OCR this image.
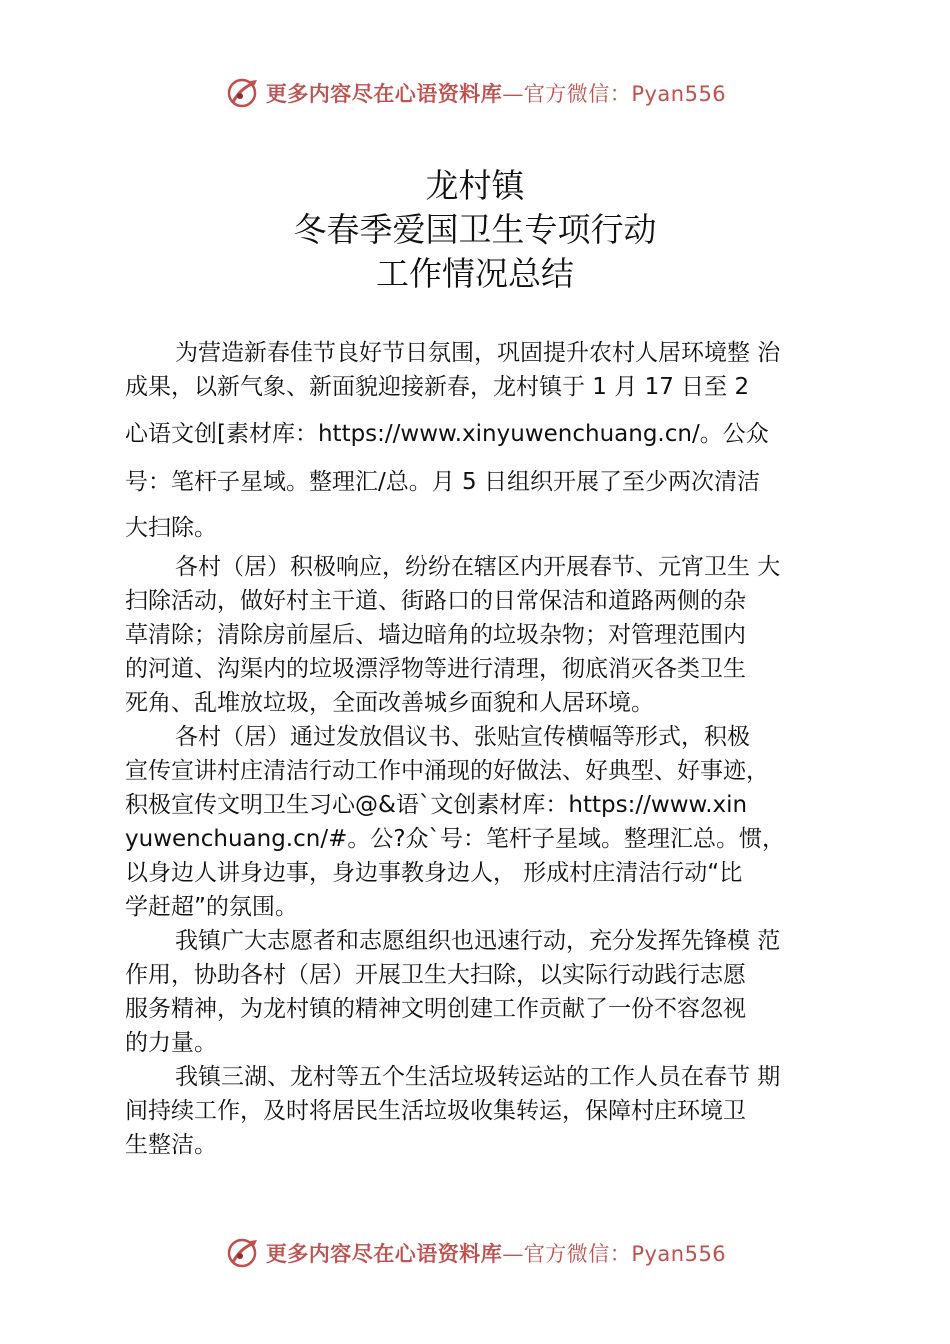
更多内容尽在心语资料库—官方微信：Pyan556
龙村镇
冬春季爱国卫生专项行动
工作情况总结
为营造新春佳节良好节日氛围，巩固提升农村人居环境整 治
成果，以新气象、新面貌迎接新春，龙村镇于 1 月 17 日至 2
心语文创[素材库：https://www.xinyuwenchuang.cn/。公众
号：笔杆子星域。整理汇/总。月 5 日组织开展了至少两次清洁
大扫除。
各村（居）积极响应，纷纷在辖区内开展春节、元宵卫生 大
扫除活动，做好村主干道、街路口的日常保洁和道路两侧的杂
草清除；清除房前屋后、墙边暗角的垃圾杂物；对管理范围内
的河道、沟渠内的垃圾漂浮物等进行清理，彻底消灭各类卫生
死角、乱堆放垃圾，全面改善城乡面貌和人居环境。
各村（居）通过发放倡议书、张贴宣传横幅等形式，积极
宣传宣讲村庄清洁行动工作中涌现的好做法、好典型、好事迹，
积极宣传文明卫生习心@&语`文创素材库：https://www.xin
yuwenchuang.cn/#。公?众`号：笔杆子星域。整理汇总。惯，
以身边人讲身边事，身边事教身边人， 形成村庄清洁行动“比
学赶超”的氛围。
我镇广大志愿者和志愿组织也迅速行动，充分发挥先锋模 范
作用，协助各村（居）开展卫生大扫除，以实际行动践行志愿
服务精神，为龙村镇的精神文明创建工作贡献了一份不容忽视
的力量。
我镇三湖、龙村等五个生活垃圾转运站的工作人员在春节 期
间持续工作，及时将居民生活垃圾收集转运，保障村庄环境卫
生整洁。
更多内容尽在心语资料库—官方微信：Pyan556
